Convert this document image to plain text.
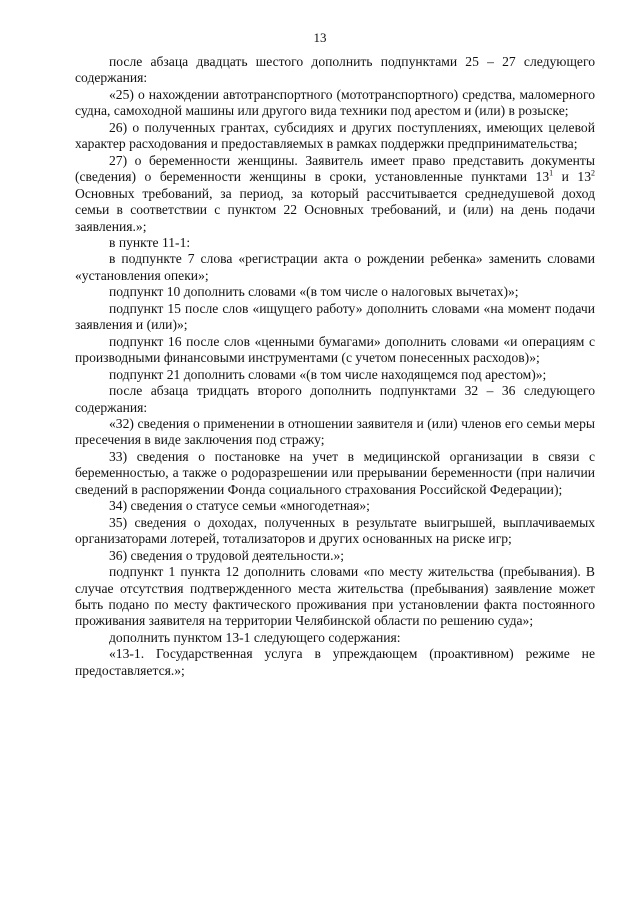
13

после абзаца двадцать шестого дополнить подпунктами 25 – 27 следующего содержания:

«25) о нахождении автотранспортного (мототранспортного) средства, маломерного судна, самоходной машины или другого вида техники под арестом и (или) в розыске;

26) о полученных грантах, субсидиях и других поступлениях, имеющих целевой характер расходования и предоставляемых в рамках поддержки предпринимательства;

27) о беременности женщины. Заявитель имеет право представить документы (сведения) о беременности женщины в сроки, установленные пунктами $13^1$ и $13^2$ Основных требований, за период, за который рассчитывается среднедушевой доход семьи в соответствии с пунктом 22 Основных требований, и (или) на день подачи заявления.»;

в пункте 11-1:

в подпункте 7 слова «регистрации акта о рождении ребенка» заменить словами «установления опеки»;

подпункт 10 дополнить словами «(в том числе о налоговых вычетах)»;

подпункт 15 после слов «ищущего работу» дополнить словами «на момент подачи заявления и (или)»;

подпункт 16 после слов «ценными бумагами» дополнить словами «и операциям с производными финансовыми инструментами (с учетом понесенных расходов)»;

подпункт 21 дополнить словами «(в том числе находящемся под арестом)»;

после абзаца тридцать второго дополнить подпунктами 32 – 36 следующего содержания:

«32) сведения о применении в отношении заявителя и (или) членов его семьи меры пресечения в виде заключения под стражу;

33) сведения о постановке на учет в медицинской организации в связи с беременностью, а также о родоразрешении или прерывании беременности (при наличии сведений в распоряжении Фонда социального страхования Российской Федерации);

34) сведения о статусе семьи «многодетная»;

35) сведения о доходах, полученных в результате выигрышей, выплачиваемых организаторами лотерей, тотализаторов и других основанных на риске игр;

36) сведения о трудовой деятельности.»;

подпункт 1 пункта 12 дополнить словами «по месту жительства (пребывания). В случае отсутствия подтвержденного места жительства (пребывания) заявление может быть подано по месту фактического проживания при установлении факта постоянного проживания заявителя на территории Челябинской области по решению суда»;

дополнить пунктом 13-1 следующего содержания:

«13-1. Государственная услуга в упреждающем (проактивном) режиме не предоставляется.»;
